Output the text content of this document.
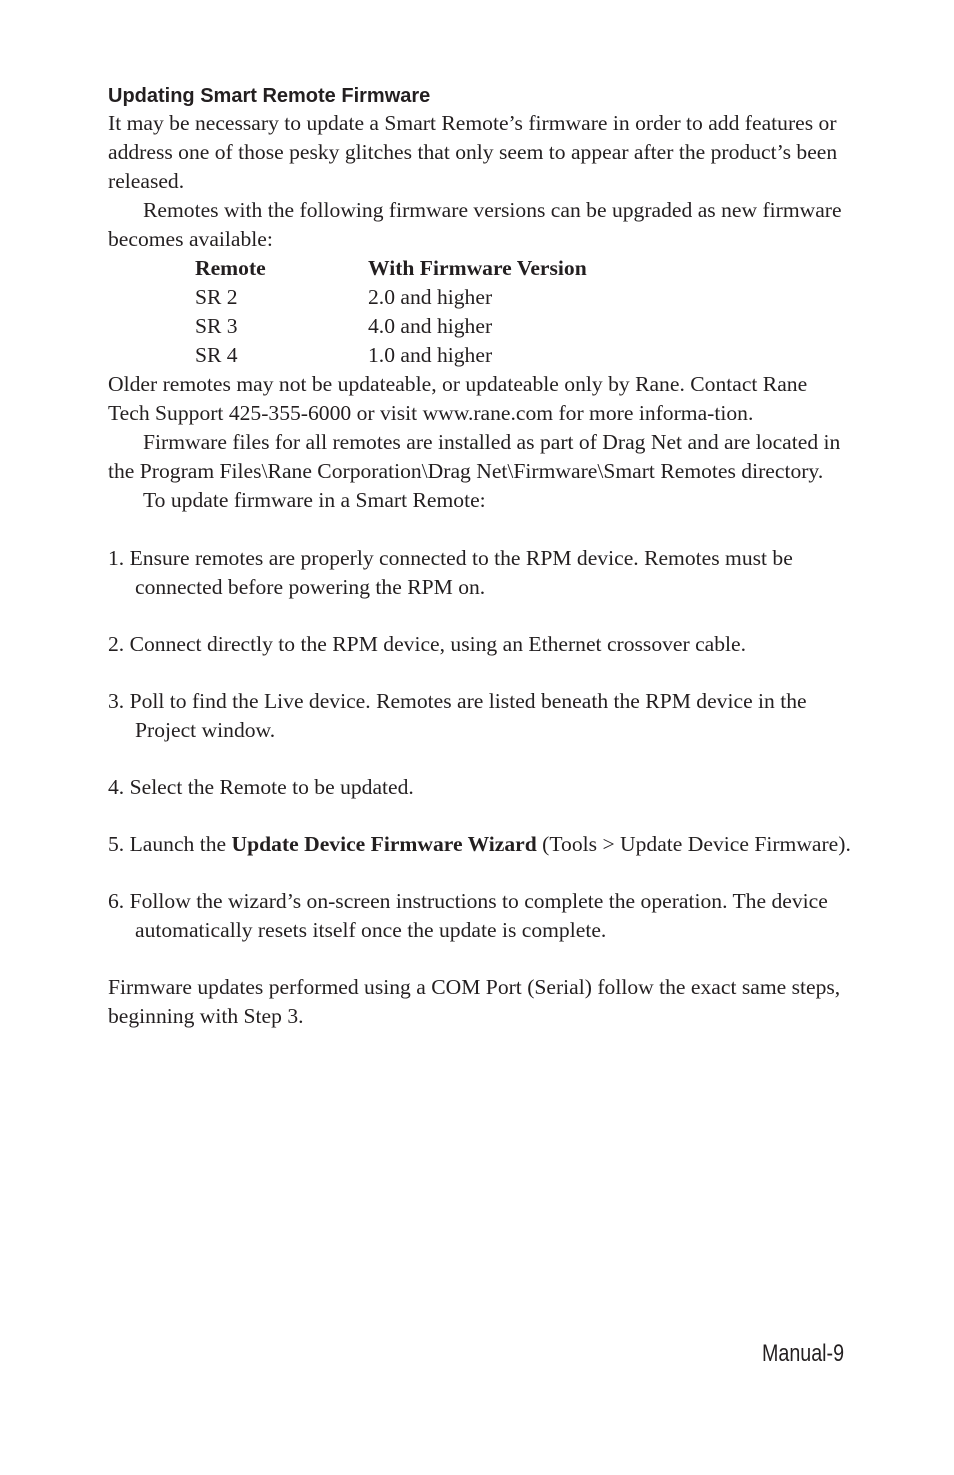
Updating Smart Remote Firmware

It may be necessary to update a Smart Remote’s firmware in order to add features or address one of those pesky glitches that only seem to appear after the product’s been released.

Remotes with the following firmware versions can be upgraded as new firmware becomes available:

Remote	With Firmware Version
SR 2	2.0 and higher
SR 3	4.0 and higher
SR 4	1.0 and higher

Older remotes may not be updateable, or updateable only by Rane. Contact Rane Tech Support 425-355-6000 or visit www.rane.com for more informa-tion.

Firmware files for all remotes are installed as part of Drag Net and are located in the Program Files\Rane Corporation\Drag Net\Firmware\Smart Remotes directory.

To update firmware in a Smart Remote:

1. Ensure remotes are properly connected to the RPM device. Remotes must be connected before powering the RPM on.

2. Connect directly to the RPM device, using an Ethernet crossover cable.

3. Poll to find the Live device. Remotes are listed beneath the RPM device in the Project window.

4. Select the Remote to be updated.

5. Launch the Update Device Firmware Wizard (Tools > Update Device Firmware).

6. Follow the wizard’s on-screen instructions to complete the operation. The device automatically resets itself once the update is complete.

Firmware updates performed using a COM Port (Serial) follow the exact same steps, beginning with Step 3.

Manual-9
